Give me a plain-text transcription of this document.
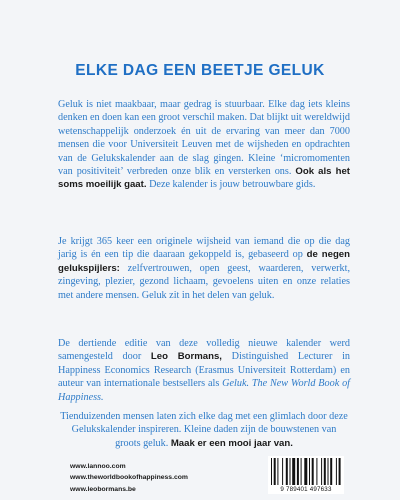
ELKE DAG EEN BEETJE GELUK

Geluk is niet maakbaar, maar gedrag is stuurbaar. Elke dag iets kleins denken en doen kan een groot verschil maken. Dat blijkt uit wereldwijd wetenschappelijk onderzoek én uit de ervaring van meer dan 7000 mensen die voor Universiteit Leuven met de wijsheden en opdrachten van de Gelukskalender aan de slag gingen. Kleine ‘micromomenten van positiviteit’ verbreden onze blik en versterken ons. Ook als het soms moeilijk gaat. Deze kalender is jouw betrouwbare gids.

Je krijgt 365 keer een originele wijsheid van iemand die op die dag jarig is én een tip die daaraan gekoppeld is, gebaseerd op de negen gelukspijlers: zelfvertrouwen, open geest, waarderen, verwerkt, zingeving, plezier, gezond lichaam, gevoelens uiten en onze relaties met andere mensen. Geluk zit in het delen van geluk.

De dertiende editie van deze volledig nieuwe kalender werd samengesteld door Leo Bormans, Distinguished Lecturer in Happiness Economics Research (Erasmus Universiteit Rotterdam) en auteur van internationale bestsellers als Geluk. The New World Book of Happiness.

Tienduizenden mensen laten zich elke dag met een glimlach door deze Gelukskalender inspireren. Kleine daden zijn de bouwstenen van groots geluk. Maak er een mooi jaar van.

www.lannoo.com
www.theworldbookofhappiness.com
www.leobormans.be	9 789401 497633
